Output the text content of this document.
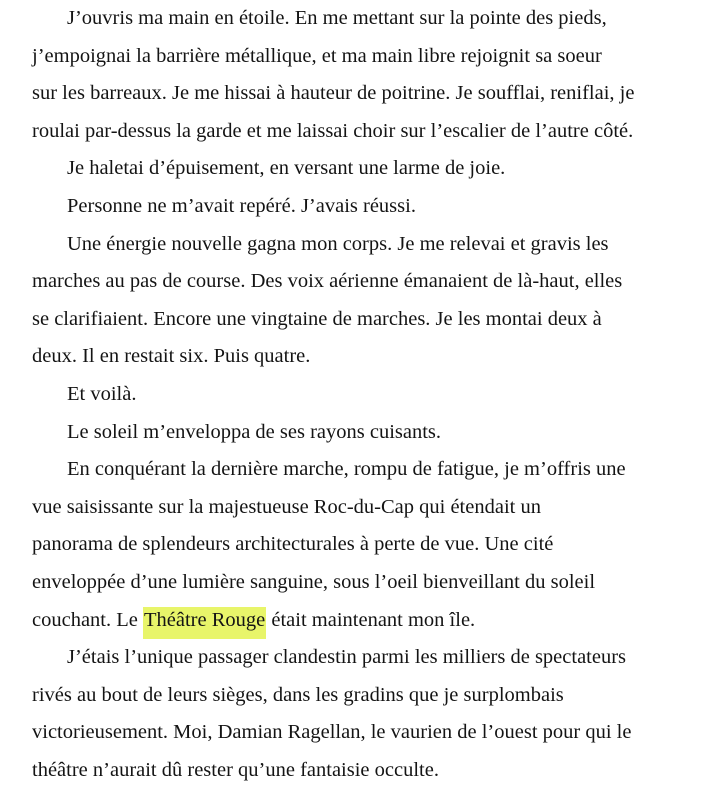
J’ouvris ma main en étoile. En me mettant sur la pointe des pieds,
j’empoignai la barrière métallique, et ma main libre rejoignit sa soeur
sur les barreaux. Je me hissai à hauteur de poitrine. Je soufflai, reniflai, je
roulai par-dessus la garde et me laissai choir sur l’escalier de l’autre côté.

Je haletai d’épuisement, en versant une larme de joie.

Personne ne m’avait repéré. J’avais réussi.

Une énergie nouvelle gagna mon corps. Je me relevai et gravis les
marches au pas de course. Des voix aérienne émanaient de là-haut, elles
se clarifiaient. Encore une vingtaine de marches. Je les montai deux à
deux. Il en restait six. Puis quatre.

Et voilà.

Le soleil m’enveloppa de ses rayons cuisants.

En conquérant la dernière marche, rompu de fatigue, je m’offris une
vue saisissante sur la majestueuse Roc-du-Cap qui étendait un
panorama de splendeurs architecturales à perte de vue. Une cité
enveloppée d’une lumière sanguine, sous l’oeil bienveillant du soleil
couchant. Le Théâtre Rouge était maintenant mon île.

J’étais l’unique passager clandestin parmi les milliers de spectateurs
rivés au bout de leurs sièges, dans les gradins que je surplombais
victorieusement. Moi, Damian Ragellan, le vaurien de l’ouest pour qui le
théâtre n’aurait dû rester qu’une fantaisie occulte.
